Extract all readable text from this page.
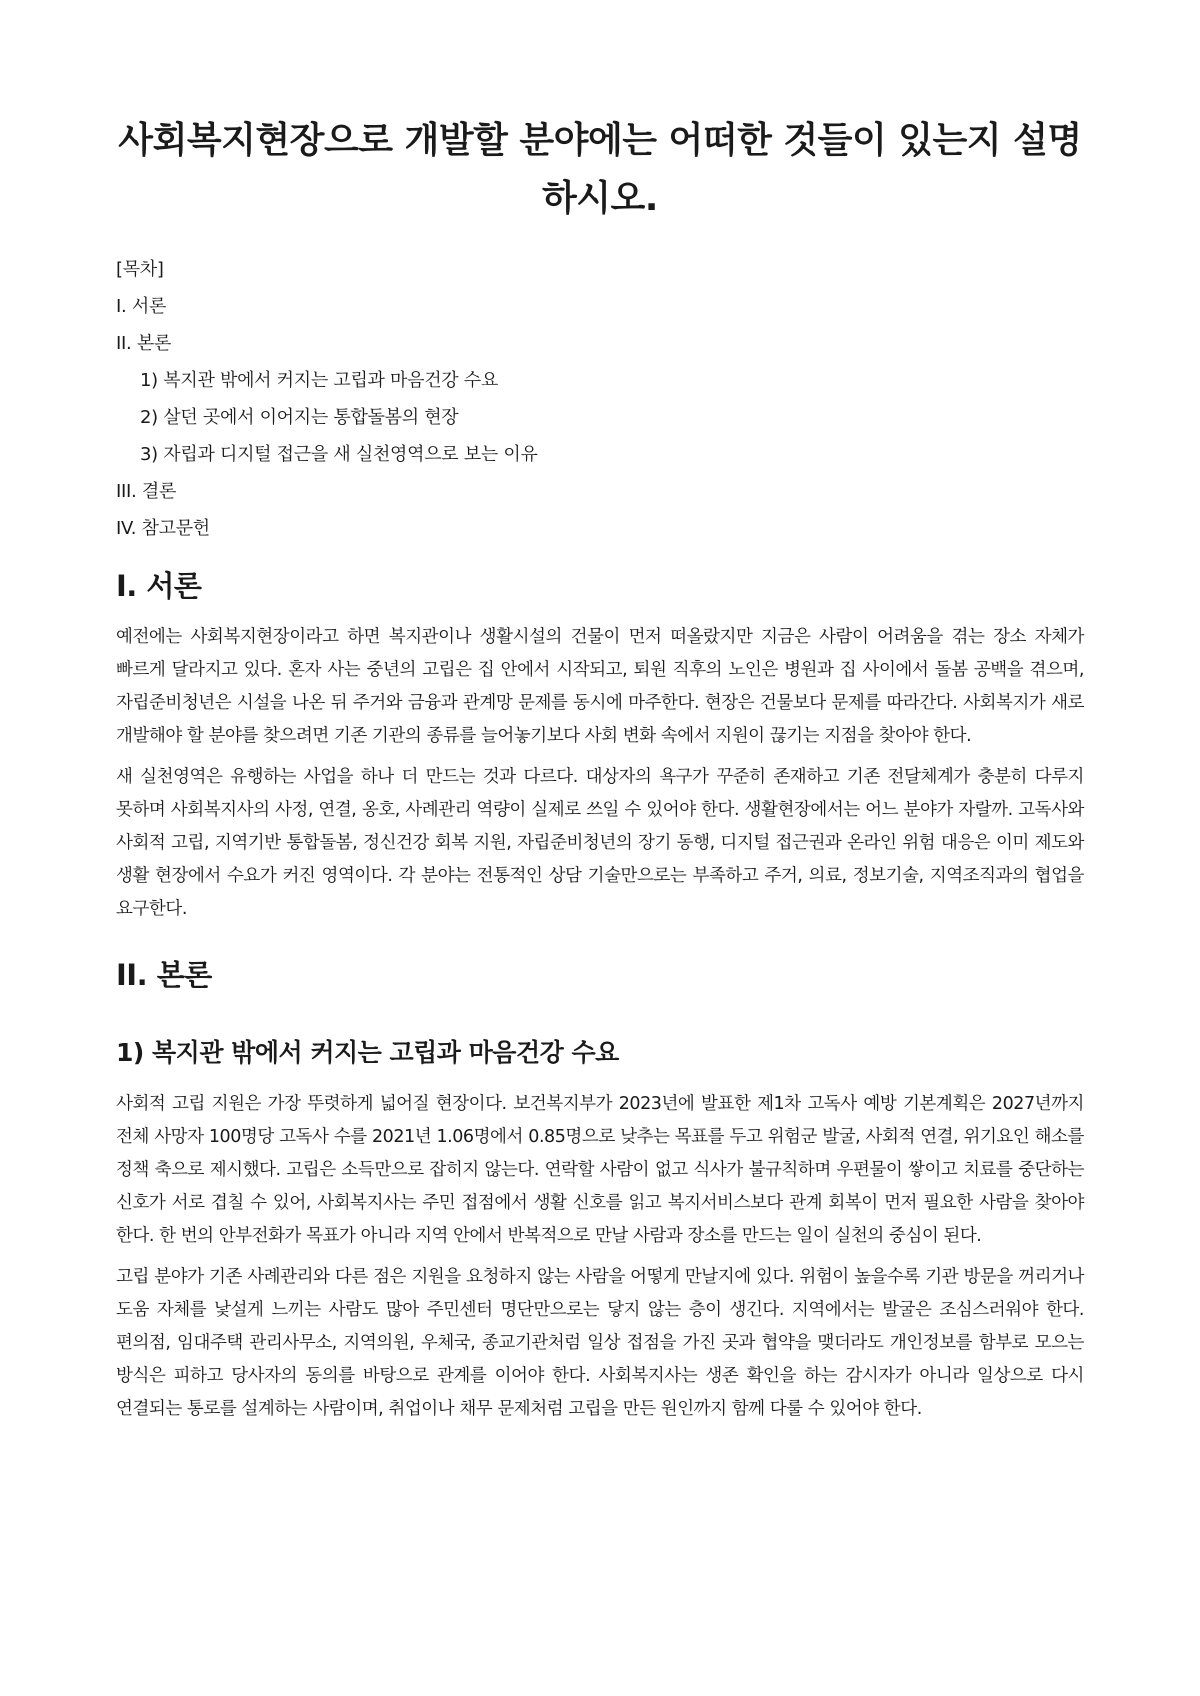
사회복지현장으로 개발할 분야에는 어떠한 것들이 있는지 설명하시오.
[목차]
I. 서론
II. 본론
1) 복지관 밖에서 커지는 고립과 마음건강 수요
2) 살던 곳에서 이어지는 통합돌봄의 현장
3) 자립과 디지털 접근을 새 실천영역으로 보는 이유
III. 결론
IV. 참고문헌
I. 서론

예전에는 사회복지현장이라고 하면 복지관이나 생활시설의 건물이 먼저 떠올랐지만 지금은 사람이 어려움을 겪는 장소 자체가 빠르게 달라지고 있다. 혼자 사는 중년의 고립은 집 안에서 시작되고, 퇴원 직후의 노인은 병원과 집 사이에서 돌봄 공백을 겪으며, 자립준비청년은 시설을 나온 뒤 주거와 금융과 관계망 문제를 동시에 마주한다. 현장은 건물보다 문제를 따라간다. 사회복지가 새로 개발해야 할 분야를 찾으려면 기존 기관의 종류를 늘어놓기보다 사회 변화 속에서 지원이 끊기는 지점을 찾아야 한다.

새 실천영역은 유행하는 사업을 하나 더 만드는 것과 다르다. 대상자의 욕구가 꾸준히 존재하고 기존 전달체계가 충분히 다루지 못하며 사회복지사의 사정, 연결, 옹호, 사례관리 역량이 실제로 쓰일 수 있어야 한다. 생활현장에서는 어느 분야가 자랄까. 고독사와 사회적 고립, 지역기반 통합돌봄, 정신건강 회복 지원, 자립준비청년의 장기 동행, 디지털 접근권과 온라인 위험 대응은 이미 제도와 생활 현장에서 수요가 커진 영역이다. 각 분야는 전통적인 상담 기술만으로는 부족하고 주거, 의료, 정보기술, 지역조직과의 협업을 요구한다.

II. 본론
1) 복지관 밖에서 커지는 고립과 마음건강 수요

사회적 고립 지원은 가장 뚜렷하게 넓어질 현장이다. 보건복지부가 2023년에 발표한 제1차 고독사 예방 기본계획은 2027년까지 전체 사망자 100명당 고독사 수를 2021년 1.06명에서 0.85명으로 낮추는 목표를 두고 위험군 발굴, 사회적 연결, 위기요인 해소를 정책 축으로 제시했다. 고립은 소득만으로 잡히지 않는다. 연락할 사람이 없고 식사가 불규칙하며 우편물이 쌓이고 치료를 중단하는 신호가 서로 겹칠 수 있어, 사회복지사는 주민 접점에서 생활 신호를 읽고 복지서비스보다 관계 회복이 먼저 필요한 사람을 찾아야 한다. 한 번의 안부전화가 목표가 아니라 지역 안에서 반복적으로 만날 사람과 장소를 만드는 일이 실천의 중심이 된다.

고립 분야가 기존 사례관리와 다른 점은 지원을 요청하지 않는 사람을 어떻게 만날지에 있다. 위험이 높을수록 기관 방문을 꺼리거나 도움 자체를 낯설게 느끼는 사람도 많아 주민센터 명단만으로는 닿지 않는 층이 생긴다. 지역에서는 발굴은 조심스러워야 한다. 편의점, 임대주택 관리사무소, 지역의원, 우체국, 종교기관처럼 일상 접점을 가진 곳과 협약을 맺더라도 개인정보를 함부로 모으는 방식은 피하고 당사자의 동의를 바탕으로 관계를 이어야 한다. 사회복지사는 생존 확인을 하는 감시자가 아니라 일상으로 다시 연결되는 통로를 설계하는 사람이며, 취업이나 채무 문제처럼 고립을 만든 원인까지 함께 다룰 수 있어야 한다.
